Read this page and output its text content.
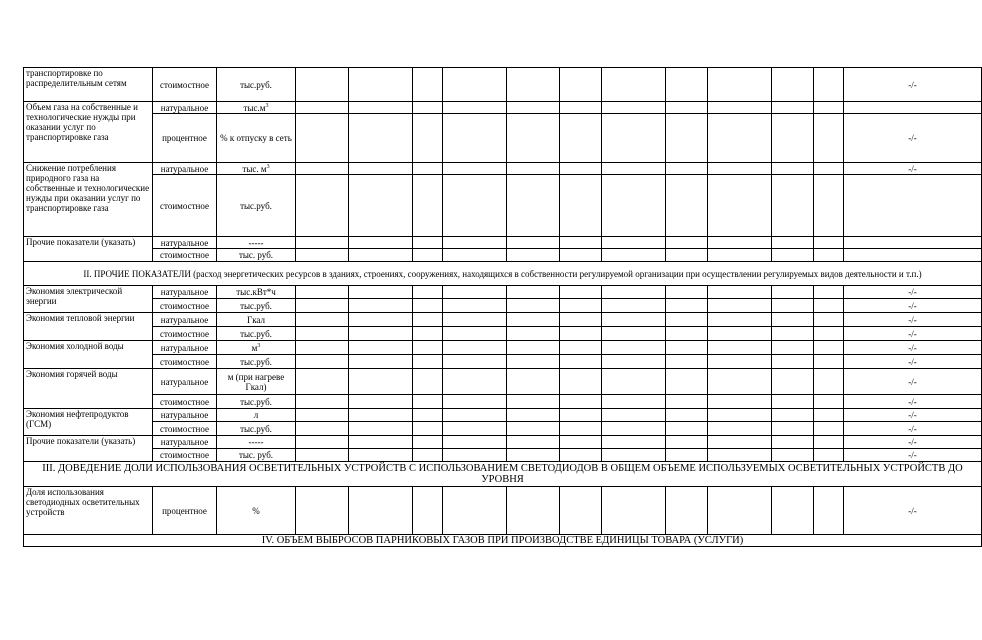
транспортировке по распределительным сетям	стоимостное	тыс.руб.												-/-
Объем газа на собственные и технологические нужды при оказании услуг по транспортировке газа	натуральное	$тыс.м^3$												
	процентное	% к отпуску в сеть												-/-
Снижение потребления природного газа на собственные и технологические нужды при оказании услуг по транспортировке газа	натуральное	тыс. $м^3$												-/-
	стоимостное	тыс.руб.												
Прочие показатели (указать)	натуральное	-----												
	стоимостное	тыс. руб.												
II. ПРОЧИЕ ПОКАЗАТЕЛИ (расход энергетических ресурсов в зданиях, строениях, сооружениях, находящихся в собственности регулируемой организации при осуществлении регулируемых видов деятельности и т.п.)														
Экономия электрической энергии	натуральное	тыс.кВт*ч												-/-
	стоимостное	тыс.руб.												-/-
Экономия тепловой энергии	натуральное	Гкал												-/-
	стоимостное	тыс.руб.												-/-
Экономия холодной воды	натуральное	$м^3$												-/-
	стоимостное	тыс.руб.												-/-
Экономия горячей воды	натуральное	м (при нагреве Гкал)												-/-
	стоимостное	тыс.руб.												-/-
Экономия нефтепродуктов (ГСМ)	натуральное	л												-/-
	стоимостное	тыс.руб.												-/-
Прочие показатели (указать)	натуральное	-----												-/-
	стоимостное	тыс. руб.												-/-
III. ДОВЕДЕНИЕ ДОЛИ ИСПОЛЬЗОВАНИЯ ОСВЕТИТЕЛЬНЫХ УСТРОЙСТВ С ИСПОЛЬЗОВАНИЕМ СВЕТОДИОДОВ В ОБЩЕМ ОБЪЕМЕ ИСПОЛЬЗУЕМЫХ ОСВЕТИТЕЛЬНЫХ УСТРОЙСТВ ДО УРОВНЯ														
Доля использования светодиодных осветительных устройств	процентное	%												-/-
IV. ОБЪЕМ ВЫБРОСОВ ПАРНИКОВЫХ ГАЗОВ ПРИ ПРОИЗВОДСТВЕ ЕДИНИЦЫ ТОВАРА (УСЛУГИ)														
